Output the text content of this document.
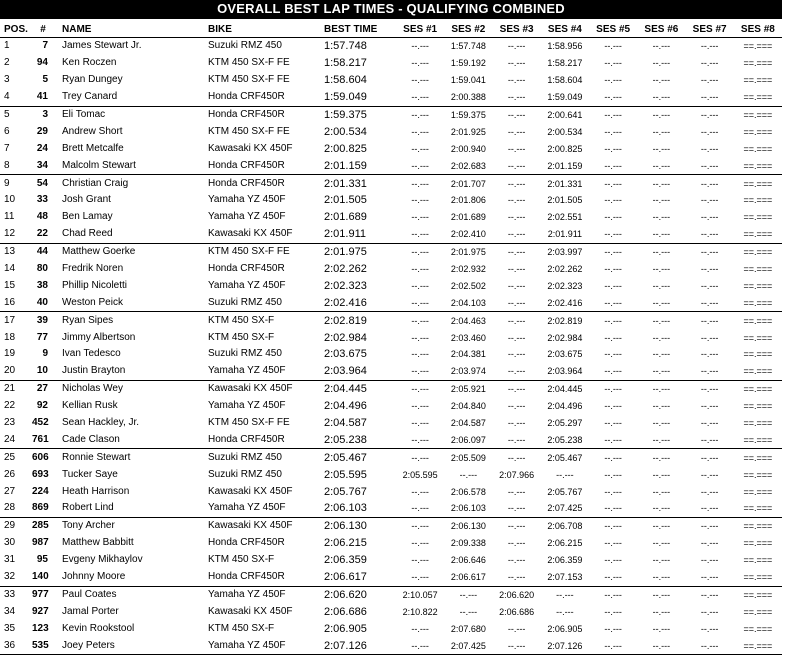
OVERALL BEST LAP TIMES - QUALIFYING COMBINED
POS.	#	NAME	BIKE	BEST TIME	SES #1	SES #2	SES #3	SES #4	SES #5	SES #6	SES #7	SES #8
1	7	James Stewart Jr.	Suzuki RMZ 450	1:57.748	--.---	1:57.748	--.---	1:58.956	--.---	--.---	--.---	==.===
2	94	Ken Roczen	KTM 450 SX-F FE	1:58.217	--.---	1:59.192	--.---	1:58.217	--.---	--.---	--.---	==.===
3	5	Ryan Dungey	KTM 450 SX-F FE	1:58.604	--.---	1:59.041	--.---	1:58.604	--.---	--.---	--.---	==.===
4	41	Trey Canard	Honda CRF450R	1:59.049	--.---	2:00.388	--.---	1:59.049	--.---	--.---	--.---	==.===
5	3	Eli Tomac	Honda CRF450R	1:59.375	--.---	1:59.375	--.---	2:00.641	--.---	--.---	--.---	==.===
6	29	Andrew Short	KTM 450 SX-F FE	2:00.534	--.---	2:01.925	--.---	2:00.534	--.---	--.---	--.---	==.===
7	24	Brett Metcalfe	Kawasaki KX 450F	2:00.825	--.---	2:00.940	--.---	2:00.825	--.---	--.---	--.---	==.===
8	34	Malcolm Stewart	Honda CRF450R	2:01.159	--.---	2:02.683	--.---	2:01.159	--.---	--.---	--.---	==.===
9	54	Christian Craig	Honda CRF450R	2:01.331	--.---	2:01.707	--.---	2:01.331	--.---	--.---	--.---	==.===
10	33	Josh Grant	Yamaha YZ 450F	2:01.505	--.---	2:01.806	--.---	2:01.505	--.---	--.---	--.---	==.===
11	48	Ben Lamay	Yamaha YZ 450F	2:01.689	--.---	2:01.689	--.---	2:02.551	--.---	--.---	--.---	==.===
12	22	Chad Reed	Kawasaki KX 450F	2:01.911	--.---	2:02.410	--.---	2:01.911	--.---	--.---	--.---	==.===
13	44	Matthew Goerke	KTM 450 SX-F FE	2:01.975	--.---	2:01.975	--.---	2:03.997	--.---	--.---	--.---	==.===
14	80	Fredrik Noren	Honda CRF450R	2:02.262	--.---	2:02.932	--.---	2:02.262	--.---	--.---	--.---	==.===
15	38	Phillip Nicoletti	Yamaha YZ 450F	2:02.323	--.---	2:02.502	--.---	2:02.323	--.---	--.---	--.---	==.===
16	40	Weston Peick	Suzuki RMZ 450	2:02.416	--.---	2:04.103	--.---	2:02.416	--.---	--.---	--.---	==.===
17	39	Ryan Sipes	KTM 450 SX-F	2:02.819	--.---	2:04.463	--.---	2:02.819	--.---	--.---	--.---	==.===
18	77	Jimmy Albertson	KTM 450 SX-F	2:02.984	--.---	2:03.460	--.---	2:02.984	--.---	--.---	--.---	==.===
19	9	Ivan Tedesco	Suzuki RMZ 450	2:03.675	--.---	2:04.381	--.---	2:03.675	--.---	--.---	--.---	==.===
20	10	Justin Brayton	Yamaha YZ 450F	2:03.964	--.---	2:03.974	--.---	2:03.964	--.---	--.---	--.---	==.===
21	27	Nicholas Wey	Kawasaki KX 450F	2:04.445	--.---	2:05.921	--.---	2:04.445	--.---	--.---	--.---	==.===
22	92	Kellian Rusk	Yamaha YZ 450F	2:04.496	--.---	2:04.840	--.---	2:04.496	--.---	--.---	--.---	==.===
23	452	Sean Hackley, Jr.	KTM 450 SX-F FE	2:04.587	--.---	2:04.587	--.---	2:05.297	--.---	--.---	--.---	==.===
24	761	Cade Clason	Honda CRF450R	2:05.238	--.---	2:06.097	--.---	2:05.238	--.---	--.---	--.---	==.===
25	606	Ronnie Stewart	Suzuki RMZ 450	2:05.467	--.---	2:05.509	--.---	2:05.467	--.---	--.---	--.---	==.===
26	693	Tucker Saye	Suzuki RMZ 450	2:05.595	2:05.595	--.---	2:07.966	--.---	--.---	--.---	--.---	==.===
27	224	Heath Harrison	Kawasaki KX 450F	2:05.767	--.---	2:06.578	--.---	2:05.767	--.---	--.---	--.---	==.===
28	869	Robert Lind	Yamaha YZ 450F	2:06.103	--.---	2:06.103	--.---	2:07.425	--.---	--.---	--.---	==.===
29	285	Tony Archer	Kawasaki KX 450F	2:06.130	--.---	2:06.130	--.---	2:06.708	--.---	--.---	--.---	==.===
30	987	Matthew Babbitt	Honda CRF450R	2:06.215	--.---	2:09.338	--.---	2:06.215	--.---	--.---	--.---	==.===
31	95	Evgeny Mikhaylov	KTM 450 SX-F	2:06.359	--.---	2:06.646	--.---	2:06.359	--.---	--.---	--.---	==.===
32	140	Johnny Moore	Honda CRF450R	2:06.617	--.---	2:06.617	--.---	2:07.153	--.---	--.---	--.---	==.===
33	977	Paul Coates	Yamaha YZ 450F	2:06.620	2:10.057	--.---	2:06.620	--.---	--.---	--.---	--.---	==.===
34	927	Jamal Porter	Kawasaki KX 450F	2:06.686	2:10.822	--.---	2:06.686	--.---	--.---	--.---	--.---	==.===
35	123	Kevin Rookstool	KTM 450 SX-F	2:06.905	--.---	2:07.680	--.---	2:06.905	--.---	--.---	--.---	==.===
36	535	Joey Peters	Yamaha YZ 450F	2:07.126	--.---	2:07.425	--.---	2:07.126	--.---	--.---	--.---	==.===
